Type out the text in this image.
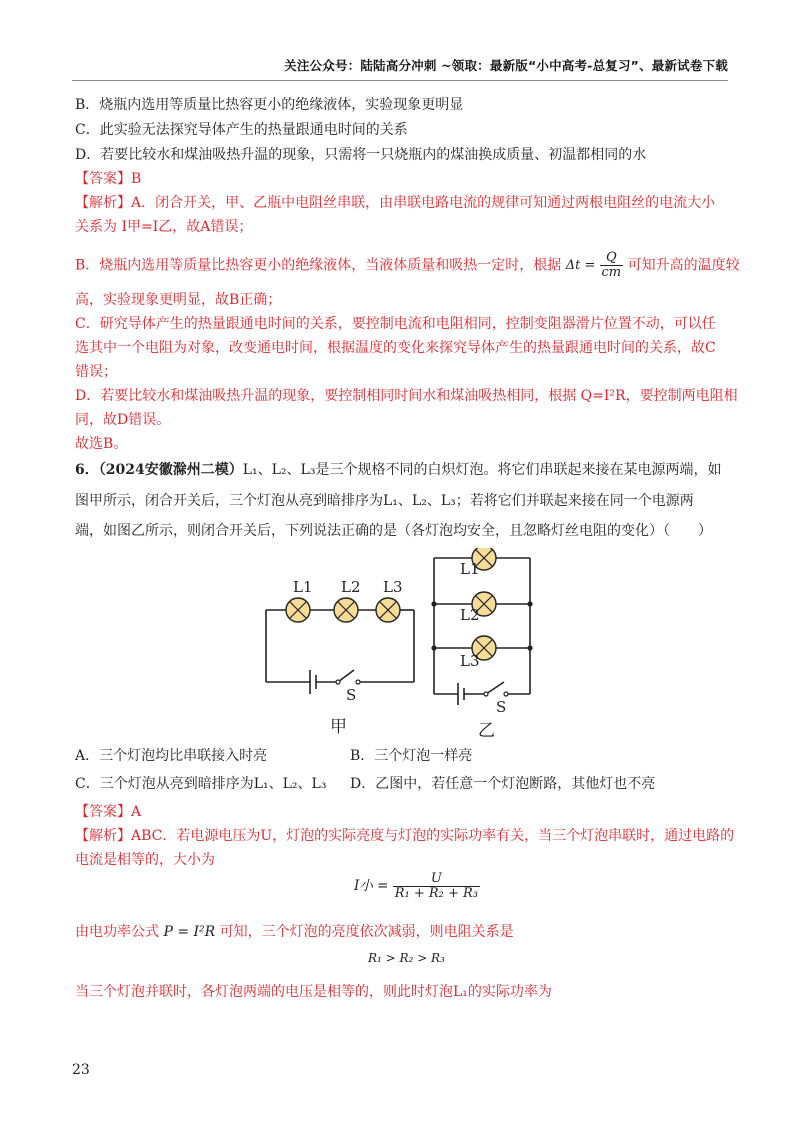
关注公众号：陆陆高分冲刺 ~领取：最新版“小中高考-总复习”、最新试卷下载
B．烧瓶内选用等质量比热容更小的绝缘液体，实验现象更明显
C．此实验无法探究导体产生的热量跟通电时间的关系
D．若要比较水和煤油吸热升温的现象，只需将一只烧瓶内的煤油换成质量、初温都相同的水
【答案】B
【解析】A．闭合开关，甲、乙瓶中电阻丝串联，由串联电路电流的规律可知通过两根电阻丝的电流大小
关系为 I甲=I乙，故A错误；
B．烧瓶内选用等质量比热容更小的绝缘液体，当液体质量和吸热一定时，根据 $\Delta t = \frac{Q}{cm}$ 可知升高的温度较
高，实验现象更明显，故B正确；
C．研究导体产生的热量跟通电时间的关系，要控制电流和电阻相同，控制变阻器滑片位置不动，可以任
选其中一个电阻为对象，改变通电时间，根据温度的变化来探究导体产生的热量跟通电时间的关系，故C
错误；
D．若要比较水和煤油吸热升温的现象，要控制相同时间水和煤油吸热相同，根据 Q=I²R，要控制两电阻相
同，故D错误。
故选B。
6．（2024安徽滁州二模）L₁、L₂、L₃是三个规格不同的白炽灯泡。将它们串联起来接在某电源两端，如
图甲所示，闭合开关后，三个灯泡从亮到暗排序为L₁、L₂、L₃；若将它们并联起来接在同一个电源两
端，如图乙所示，则闭合开关后，下列说法正确的是（各灯泡均安全，且忽略灯丝电阻的变化）（　　）
L1 L2 L3
S
甲
L1
L2
L3
S
乙
A．三个灯泡均比串联接入时亮	B．三个灯泡一样亮
C．三个灯泡从亮到暗排序为L₁、L₂、L₃ D．乙图中，若任意一个灯泡断路，其他灯也不亮
【答案】A
【解析】ABC．若电源电压为U，灯泡的实际亮度与灯泡的实际功率有关，当三个灯泡串联时，通过电路的
电流是相等的，大小为
I小 = $\frac{U}{\text{R₁ + R₂ + R₃}}$
由电功率公式 P = I²R 可知，三个灯泡的亮度依次减弱，则电阻关系是
R₁ > R₂ > R₃
当三个灯泡并联时，各灯泡两端的电压是相等的，则此时灯泡L₁的实际功率为
23
